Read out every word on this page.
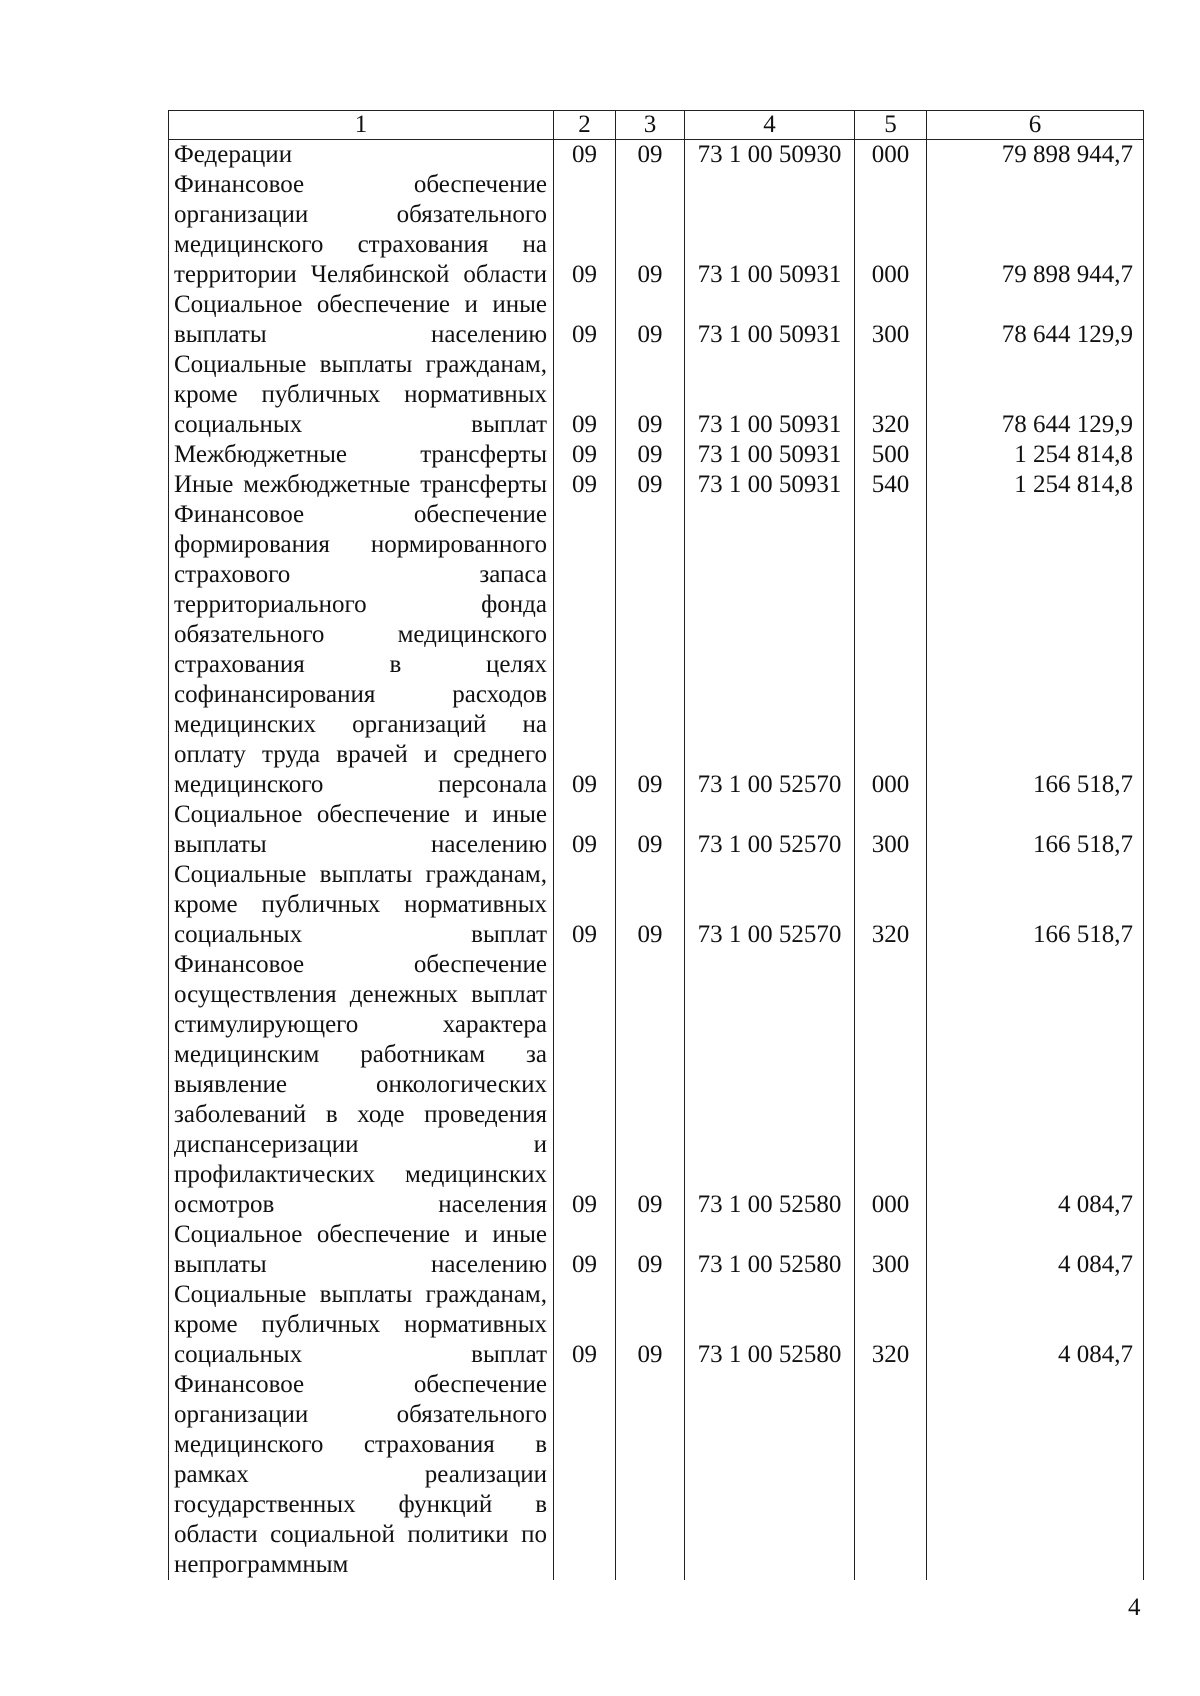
1	2	3	4	5	6
Федерации	09	09	73 1 00 50930	000	79 898 944,7
Финансовое обеспечение организации обязательного медицинского страхования на территории Челябинской области	09	09	73 1 00 50931	000	79 898 944,7
Социальное обеспечение и иные выплаты населению	09	09	73 1 00 50931	300	78 644 129,9
Социальные выплаты гражданам, кроме публичных нормативных социальных выплат	09	09	73 1 00 50931	320	78 644 129,9
Межбюджетные трансферты	09	09	73 1 00 50931	500	1 254 814,8
Иные межбюджетные трансферты	09	09	73 1 00 50931	540	1 254 814,8
Финансовое обеспечение формирования нормированного страхового запаса территориального фонда обязательного медицинского страхования в целях софинансирования расходов медицинских организаций на оплату труда врачей и среднего медицинского персонала	09	09	73 1 00 52570	000	166 518,7
Социальное обеспечение и иные выплаты населению	09	09	73 1 00 52570	300	166 518,7
Социальные выплаты гражданам, кроме публичных нормативных социальных выплат	09	09	73 1 00 52570	320	166 518,7
Финансовое обеспечение осуществления денежных выплат стимулирующего характера медицинским работникам за выявление онкологических заболеваний в ходе проведения диспансеризации и профилактических медицинских осмотров населения	09	09	73 1 00 52580	000	4 084,7
Социальное обеспечение и иные выплаты населению	09	09	73 1 00 52580	300	4 084,7
Социальные выплаты гражданам, кроме публичных нормативных социальных выплат	09	09	73 1 00 52580	320	4 084,7
Финансовое обеспечение организации обязательного медицинского страхования в рамках реализации государственных функций в области социальной политики по непрограммным					
4
